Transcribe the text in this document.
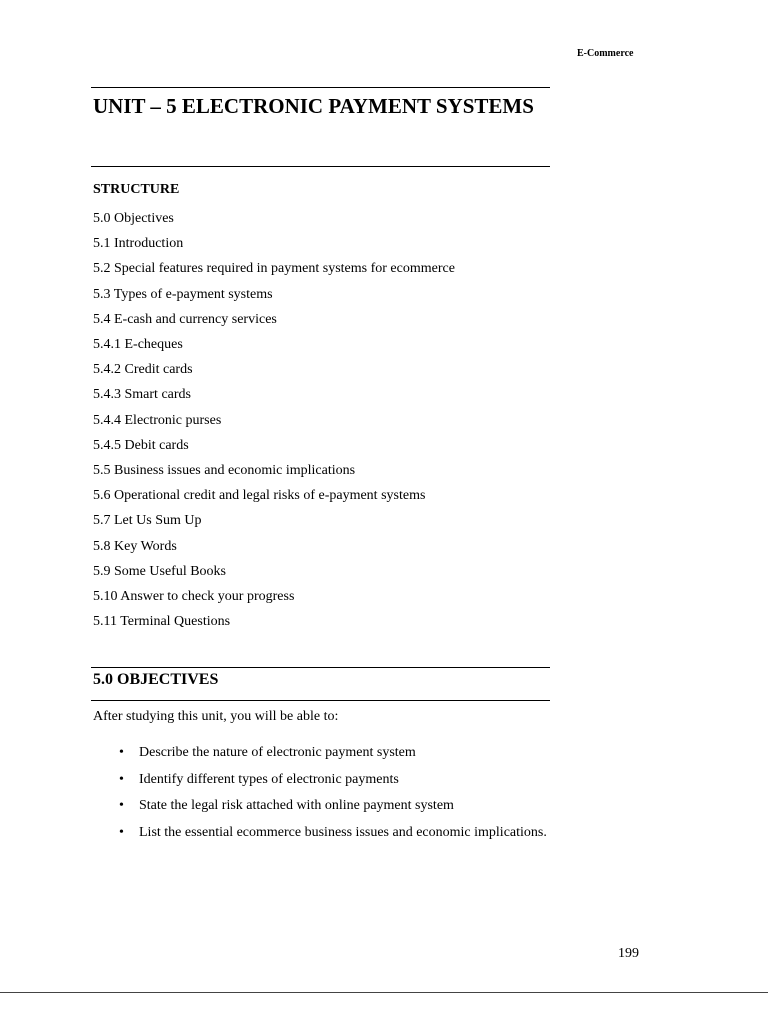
E-Commerce
UNIT – 5 ELECTRONIC PAYMENT SYSTEMS
STRUCTURE
5.0 Objectives
5.1 Introduction
5.2 Special features required in payment systems for ecommerce
5.3 Types of e-payment systems
5.4 E-cash and currency services
5.4.1 E-cheques
5.4.2 Credit cards
5.4.3 Smart cards
5.4.4 Electronic purses
5.4.5 Debit cards
5.5 Business issues and economic implications
5.6 Operational credit and legal risks of e-payment systems
5.7 Let Us Sum Up
5.8 Key Words
5.9 Some Useful Books
5.10 Answer to check your progress
5.11 Terminal Questions
5.0 OBJECTIVES
After studying this unit, you will be able to:
•	Describe the nature of electronic payment system
•	Identify different types of electronic payments
•	State the legal risk attached with online payment system
•	List the essential ecommerce business issues and economic implications.
199
